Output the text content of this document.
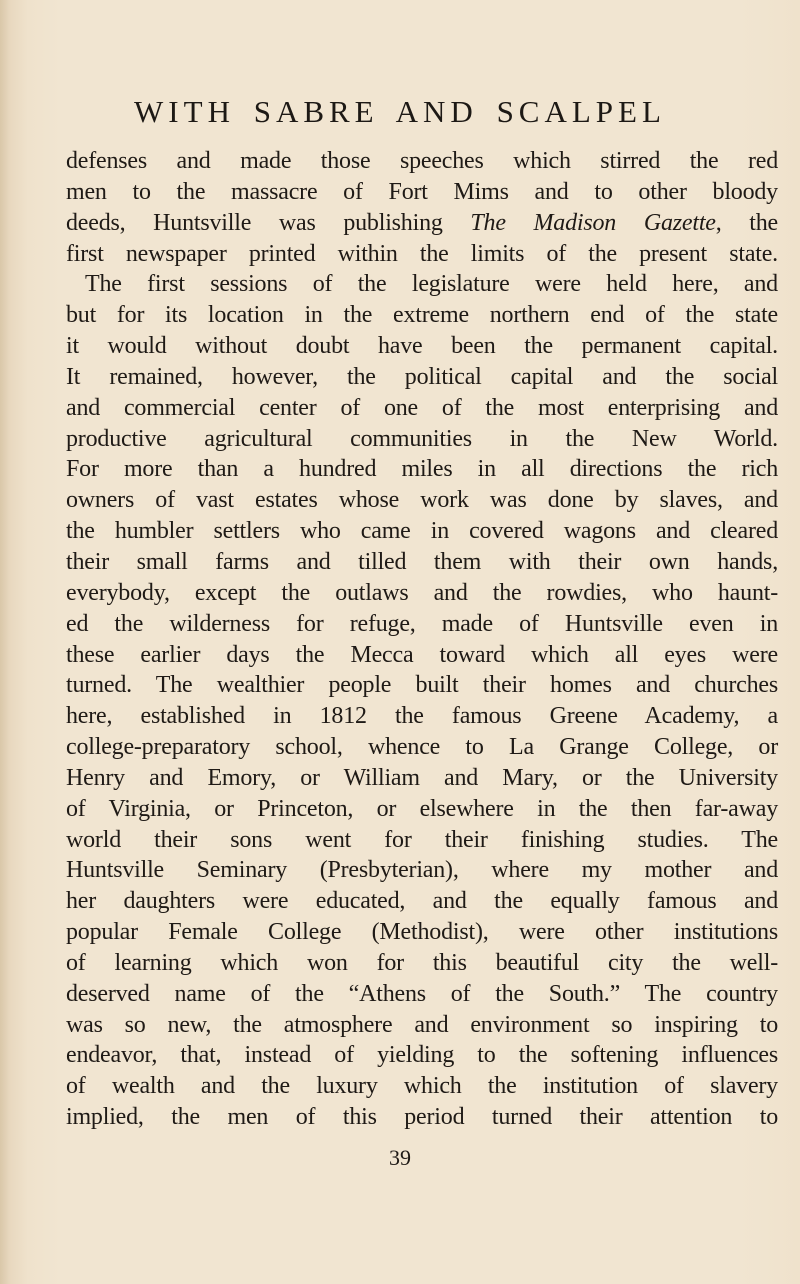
WITH SABRE AND SCALPEL
defenses and made those speeches which stirred the red
men to the massacre of Fort Mims and to other bloody
deeds, Huntsville was publishing The Madison Gazette, the
first newspaper printed within the limits of the present state.
The first sessions of the legislature were held here, and
but for its location in the extreme northern end of the state
it would without doubt have been the permanent capital.
It remained, however, the political capital and the social
and commercial center of one of the most enterprising and
productive agricultural communities in the New World.
For more than a hundred miles in all directions the rich
owners of vast estates whose work was done by slaves, and
the humbler settlers who came in covered wagons and cleared
their small farms and tilled them with their own hands,
everybody, except the outlaws and the rowdies, who haunt-
ed the wilderness for refuge, made of Huntsville even in
these earlier days the Mecca toward which all eyes were
turned. The wealthier people built their homes and churches
here, established in 1812 the famous Greene Academy, a
college-preparatory school, whence to La Grange College, or
Henry and Emory, or William and Mary, or the University
of Virginia, or Princeton, or elsewhere in the then far-away
world their sons went for their finishing studies. The
Huntsville Seminary (Presbyterian), where my mother and
her daughters were educated, and the equally famous and
popular Female College (Methodist), were other institutions
of learning which won for this beautiful city the well-
deserved name of the “Athens of the South.” The country
was so new, the atmosphere and environment so inspiring to
endeavor, that, instead of yielding to the softening influences
of wealth and the luxury which the institution of slavery
implied, the men of this period turned their attention to
39
